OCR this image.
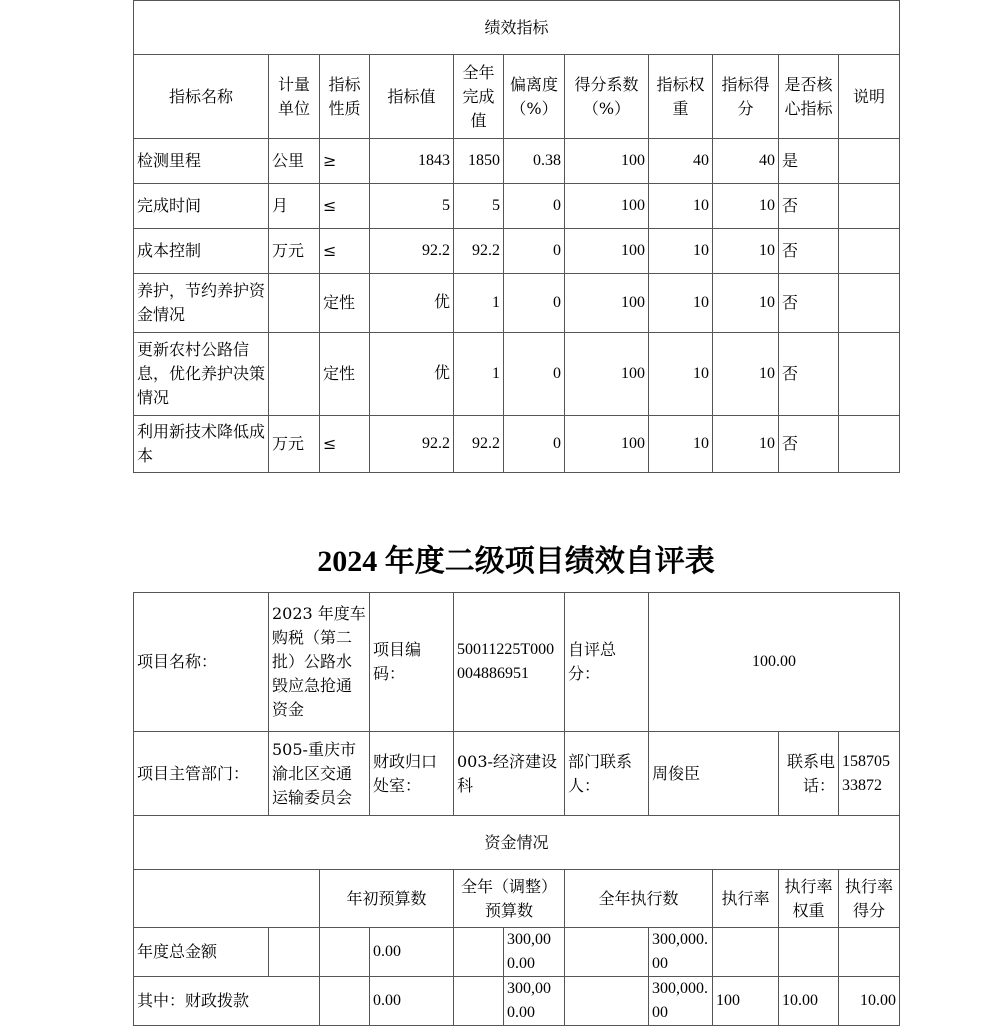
绩效指标										
指标名称	计量单位	指标性质	指标值	全年完成值	偏离度（%）	得分系数（%）	指标权重	指标得分	是否核心指标	说明
检测里程	公里	≥	1843	1850	0.38	100	40	40	是	
完成时间	月	≤	5	5	0	100	10	10	否	
成本控制	万元	≤	92.2	92.2	0	100	10	10	否	
养护，节约养护资金情况		定性	优	1	0	100	10	10	否	
更新农村公路信息，优化养护决策情况		定性	优	1	0	100	10	10	否	
利用新技术降低成本	万元	≤	92.2	92.2	0	100	10	10	否	
2024 年度二级项目绩效自评表
项目名称：	2023 年度车购税（第二批）公路水毁应急抢通资金		项目编码：	50011225T000004886951		自评总分：	100.00			
项目主管部门：	505-重庆市渝北区交通运输委员会		财政归口处室：	003-经济建设科		部门联系人：	周俊臣		联系电话：	15870533872
资金情况										
		年初预算数		全年（调整）预算数		全年执行数		执行率	执行率权重	执行率得分
年度总金额			0.00		300,000.00		300,000.00			
其中：财政拨款			0.00		300,000.00		300,000.00	100	10.00	10.00
